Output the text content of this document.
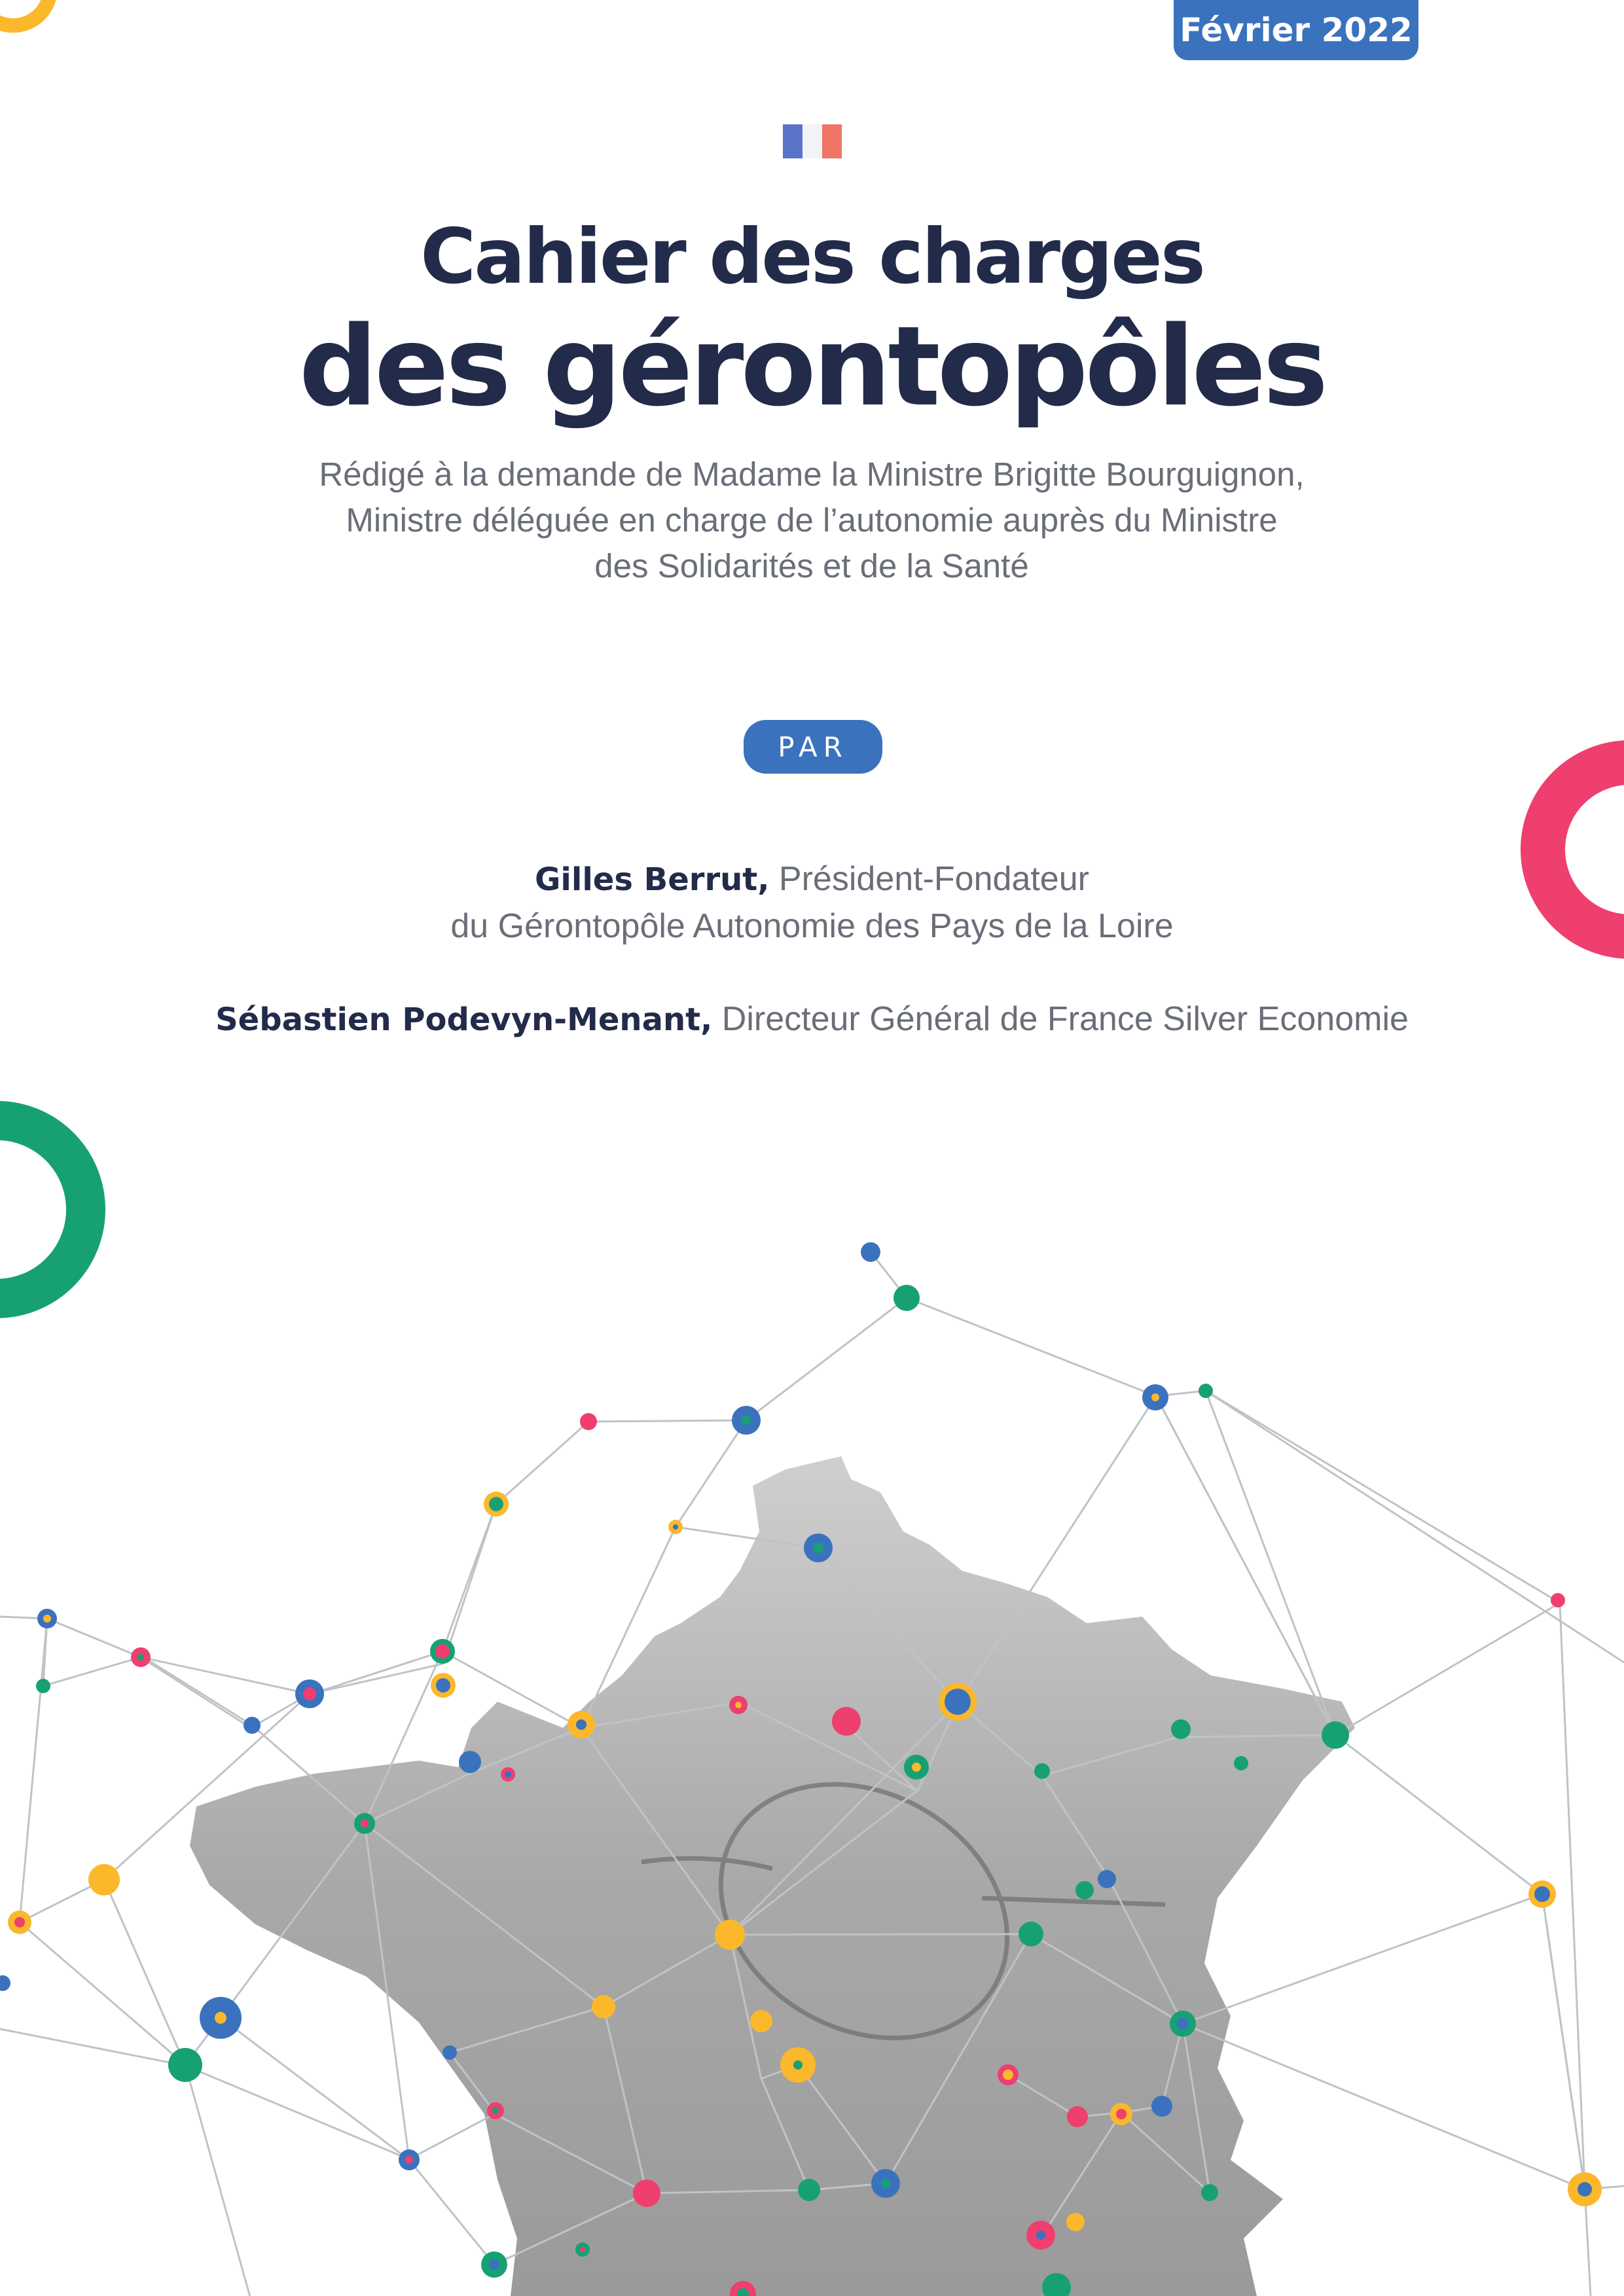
Février 2022
Cahier des charges
des gérontopôles
Rédigé à la demande de Madame la Ministre Brigitte Bourguignon,
Ministre déléguée en charge de l’autonomie auprès du Ministre
des Solidarités et de la Santé
PAR
Gilles Berrut, Président-Fondateur
du Gérontopôle Autonomie des Pays de la Loire
Sébastien Podevyn-Menant, Directeur Général de France Silver Economie
